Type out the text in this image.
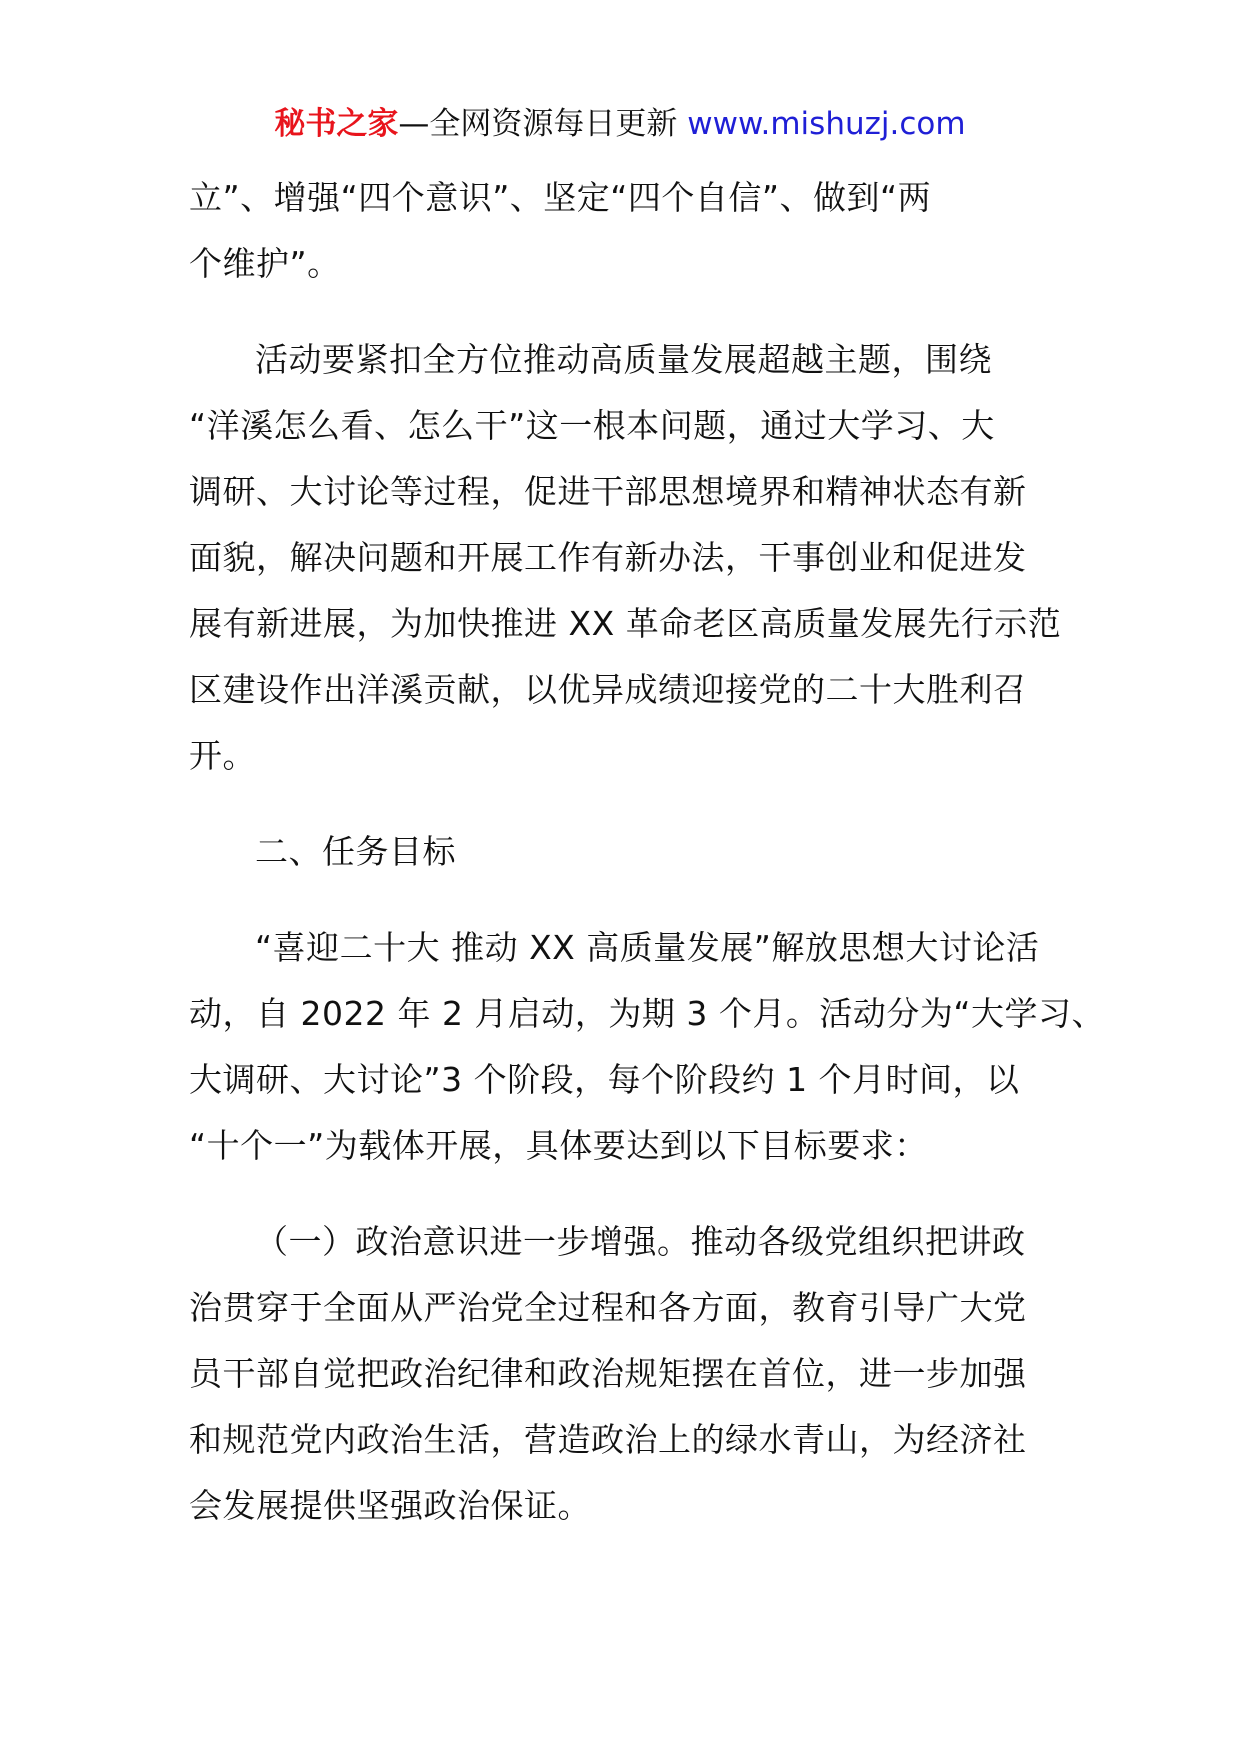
秘书之家—全网资源每日更新 www.mishuzj.com
立”、增强“四个意识”、坚定“四个自信”、做到“两
个维护”。
活动要紧扣全方位推动高质量发展超越主题，围绕
“洋溪怎么看、怎么干”这一根本问题，通过大学习、大
调研、大讨论等过程，促进干部思想境界和精神状态有新
面貌，解决问题和开展工作有新办法，干事创业和促进发
展有新进展，为加快推进 XX 革命老区高质量发展先行示范
区建设作出洋溪贡献，以优异成绩迎接党的二十大胜利召
开。
二、任务目标
“喜迎二十大 推动 XX 高质量发展”解放思想大讨论活
动，自 2022 年 2 月启动，为期 3 个月。活动分为“大学习、
大调研、大讨论”3 个阶段，每个阶段约 1 个月时间，以
“十个一”为载体开展，具体要达到以下目标要求：
（一）政治意识进一步增强。推动各级党组织把讲政
治贯穿于全面从严治党全过程和各方面，教育引导广大党
员干部自觉把政治纪律和政治规矩摆在首位，进一步加强
和规范党内政治生活，营造政治上的绿水青山，为经济社
会发展提供坚强政治保证。
